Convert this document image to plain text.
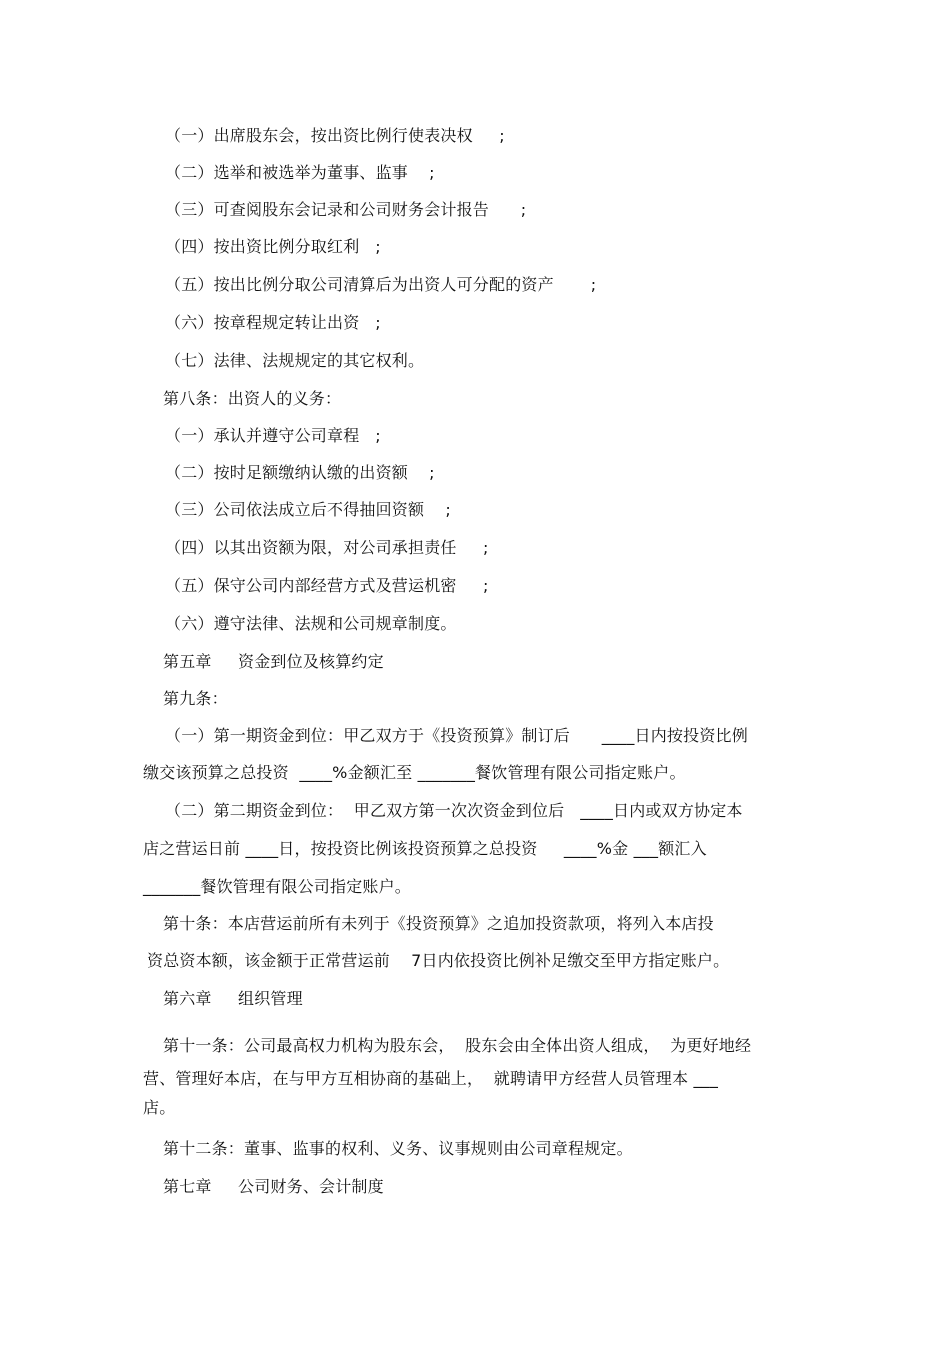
（一）出席股东会，按出资比例行使表决权     ;
（二）选举和被选举为董事、监事    ;
（三）可查阅股东会记录和公司财务会计报告      ;
（四）按出资比例分取红利   ;
（五）按出比例分取公司清算后为出资人可分配的资产       ;
（六）按章程规定转让出资   ;
（七）法律、法规规定的其它权利。
第八条：出资人的义务：
（一）承认并遵守公司章程   ;
（二）按时足额缴纳认缴的出资额    ;
（三）公司依法成立后不得抽回资额    ;
（四）以其出资额为限，对公司承担责任     ;
（五）保守公司内部经营方式及营运机密     ;
（六）遵守法律、法规和公司规章制度。
第五章     资金到位及核算约定
第九条：
（一）第一期资金到位：甲乙双方于《投资预算》制订后      ____日内按投资比例
缴交该预算之总投资  ____%金额汇至 _______餐饮管理有限公司指定账户。
（二）第二期资金到位：  甲乙双方第一次次资金到位后   ____日内或双方协定本
店之营运日前 ____日，按投资比例该投资预算之总投资     ____%金 ___额汇入
_______餐饮管理有限公司指定账户。
第十条：本店营运前所有未列于《投资预算》之追加投资款项，将列入本店投
资总资本额，该金额于正常营运前    7日内依投资比例补足缴交至甲方指定账户。
第六章     组织管理
第十一条：公司最高权力机构为股东会，  股东会由全体出资人组成，  为更好地经
营、管理好本店，在与甲方互相协商的基础上，  就聘请甲方经营人员管理本 ___
店。
第十二条：董事、监事的权利、义务、议事规则由公司章程规定。
第七章     公司财务、会计制度
